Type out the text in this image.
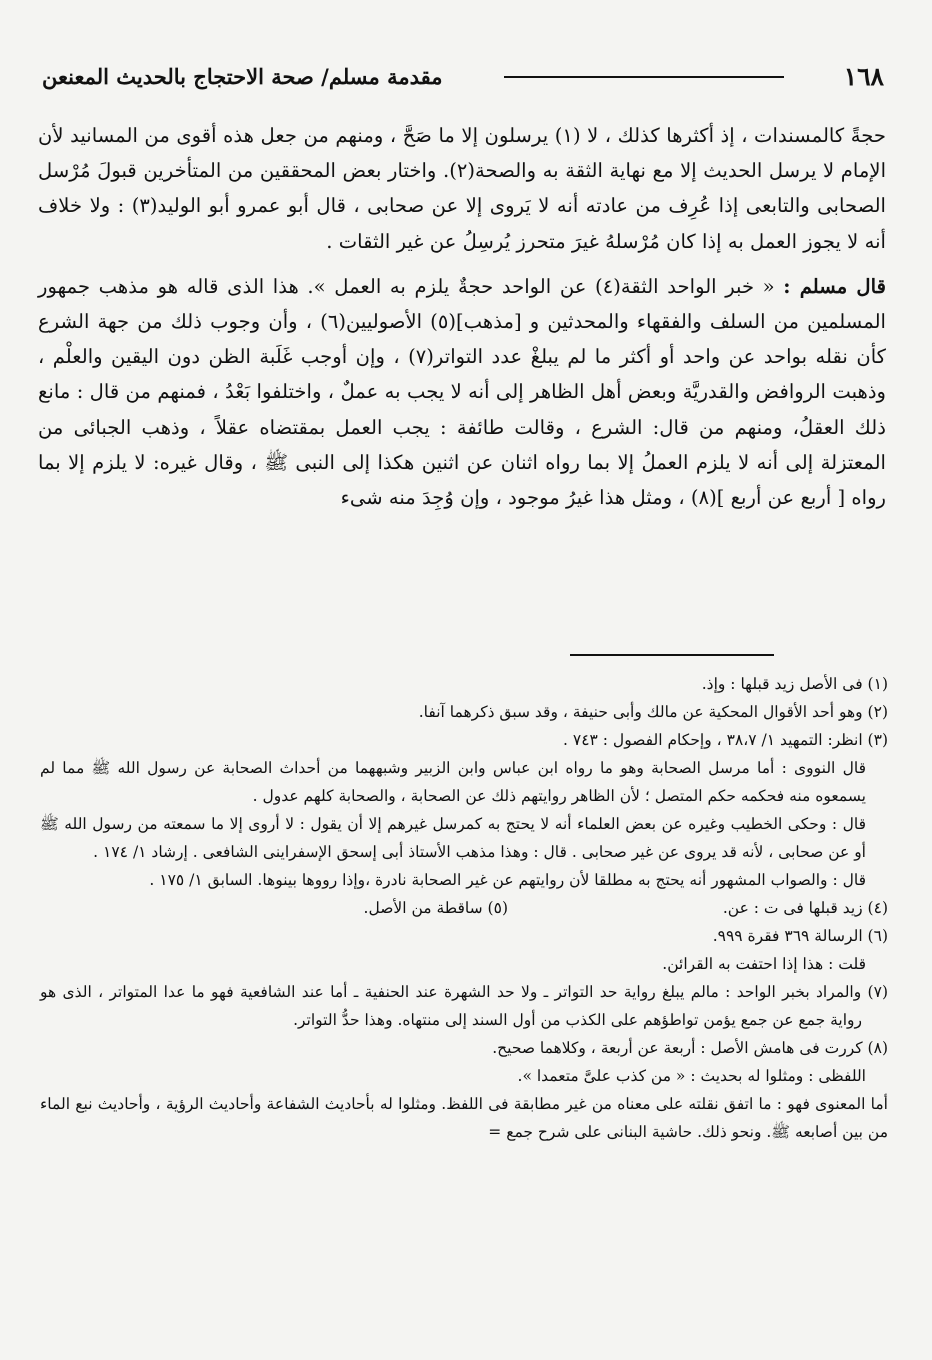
١٦٨
مقدمة مسلم/ صحة الاحتجاج بالحديث المعنعن

حجةً كالمسندات ، إذ أكثرها كذلك ، لا (١) يرسلون إلا ما صَحَّ ، ومنهم من جعل هذه أقوى من المسانيد لأن الإمام لا يرسل الحديث إلا مع نهاية الثقة به والصحة(٢). واختار بعض المحققين من المتأخرين قبولَ مُرْسل الصحابى والتابعى إذا عُرِف من عادته أنه لا يَروى إلا عن صحابى ، قال أبو عمرو أبو الوليد(٣) : ولا خلاف أنه لا يجوز العمل به إذا كان مُرْسلهُ غيرَ متحرز يُرسِلُ عن غير الثقات .

قال مسلم : « خبر الواحد الثقة(٤) عن الواحد حجةٌ يلزم به العمل ». هذا الذى قاله هو مذهب جمهور المسلمين من السلف والفقهاء والمحدثين و [مذهب](٥) الأصوليين(٦) ، وأن وجوب ذلك من جهة الشرع كأن نقله بواحد عن واحد أو أكثر ما لم يبلغْ عدد التواتر(٧) ، وإن أوجب غَلَبة الظن دون اليقين والعلْم ، وذهبت الروافض والقدريَّة وبعض أهل الظاهر إلى أنه لا يجب به عملٌ ، واختلفوا بَعْدُ ، فمنهم من قال : مانع ذلك العقلُ، ومنهم من قال: الشرع ، وقالت طائفة : يجب العمل بمقتضاه عقلاً ، وذهب الجبائى من المعتزلة إلى أنه لا يلزم العملُ إلا بما رواه اثنان عن اثنين هكذا إلى النبى ﷺ ، وقال غيره: لا يلزم إلا بما رواه [ أربع عن أربع ](٨) ، ومثل هذا غيرُ موجود ، وإن وُجِدَ منه شىء

(١) فى الأصل زيد قبلها : وإذ.

(٢) وهو أحد الأقوال المحكية عن مالك وأبى حنيفة ، وقد سبق ذكرهما آنفا.

(٣) انظر: التمهيد ١/ ٣٨،٧ ، وإحكام الفصول : ٧٤٣ .

قال النووى : أما مرسل الصحابة وهو ما رواه ابن عباس وابن الزبير وشبههما من أحداث الصحابة عن رسول الله ﷺ مما لم يسمعوه منه فحكمه حكم المتصل ؛ لأن الظاهر روايتهم ذلك عن الصحابة ، والصحابة كلهم عدول .

قال : وحكى الخطيب وغيره عن بعض العلماء أنه لا يحتج به كمرسل غيرهم إلا أن يقول : لا أروى إلا ما سمعته من رسول الله ﷺ أو عن صحابى ، لأنه قد يروى عن غير صحابى . قال : وهذا مذهب الأستاذ أبى إسحق الإسفراينى الشافعى . إرشاد ١/ ١٧٤ .

قال : والصواب المشهور أنه يحتج به مطلقا لأن روايتهم عن غير الصحابة نادرة ،وإذا رووها بينوها. السابق ١/ ١٧٥ .

(٤) زيد قبلها فى ت : عن.
(٥) ساقطة من الأصل.

(٦) الرسالة ٣٦٩ فقرة ٩٩٩.

قلت : هذا إذا احتفت به القرائن.

(٧) والمراد بخبر الواحد : مالم يبلغ رواية حد التواتر ـ ولا حد الشهرة عند الحنفية ـ أما عند الشافعية فهو ما عدا المتواتر ، الذى هو رواية جمع عن جمع يؤمن تواطؤهم على الكذب من أول السند إلى منتهاه. وهذا حدُّ التواتر.

(٨) كررت فى هامش الأصل : أربعة عن أربعة ، وكلاهما صحيح.

اللفظى : ومثلوا له بحديث : « من كذب علىَّ متعمدا ».

أما المعنوى فهو : ما اتفق نقلته على معناه من غير مطابقة فى اللفظ. ومثلوا له بأحاديث الشفاعة وأحاديث الرؤية ، وأحاديث نبع الماء من بين أصابعه ﷺ. ونحو ذلك. حاشية البنانى على شرح جمع =
